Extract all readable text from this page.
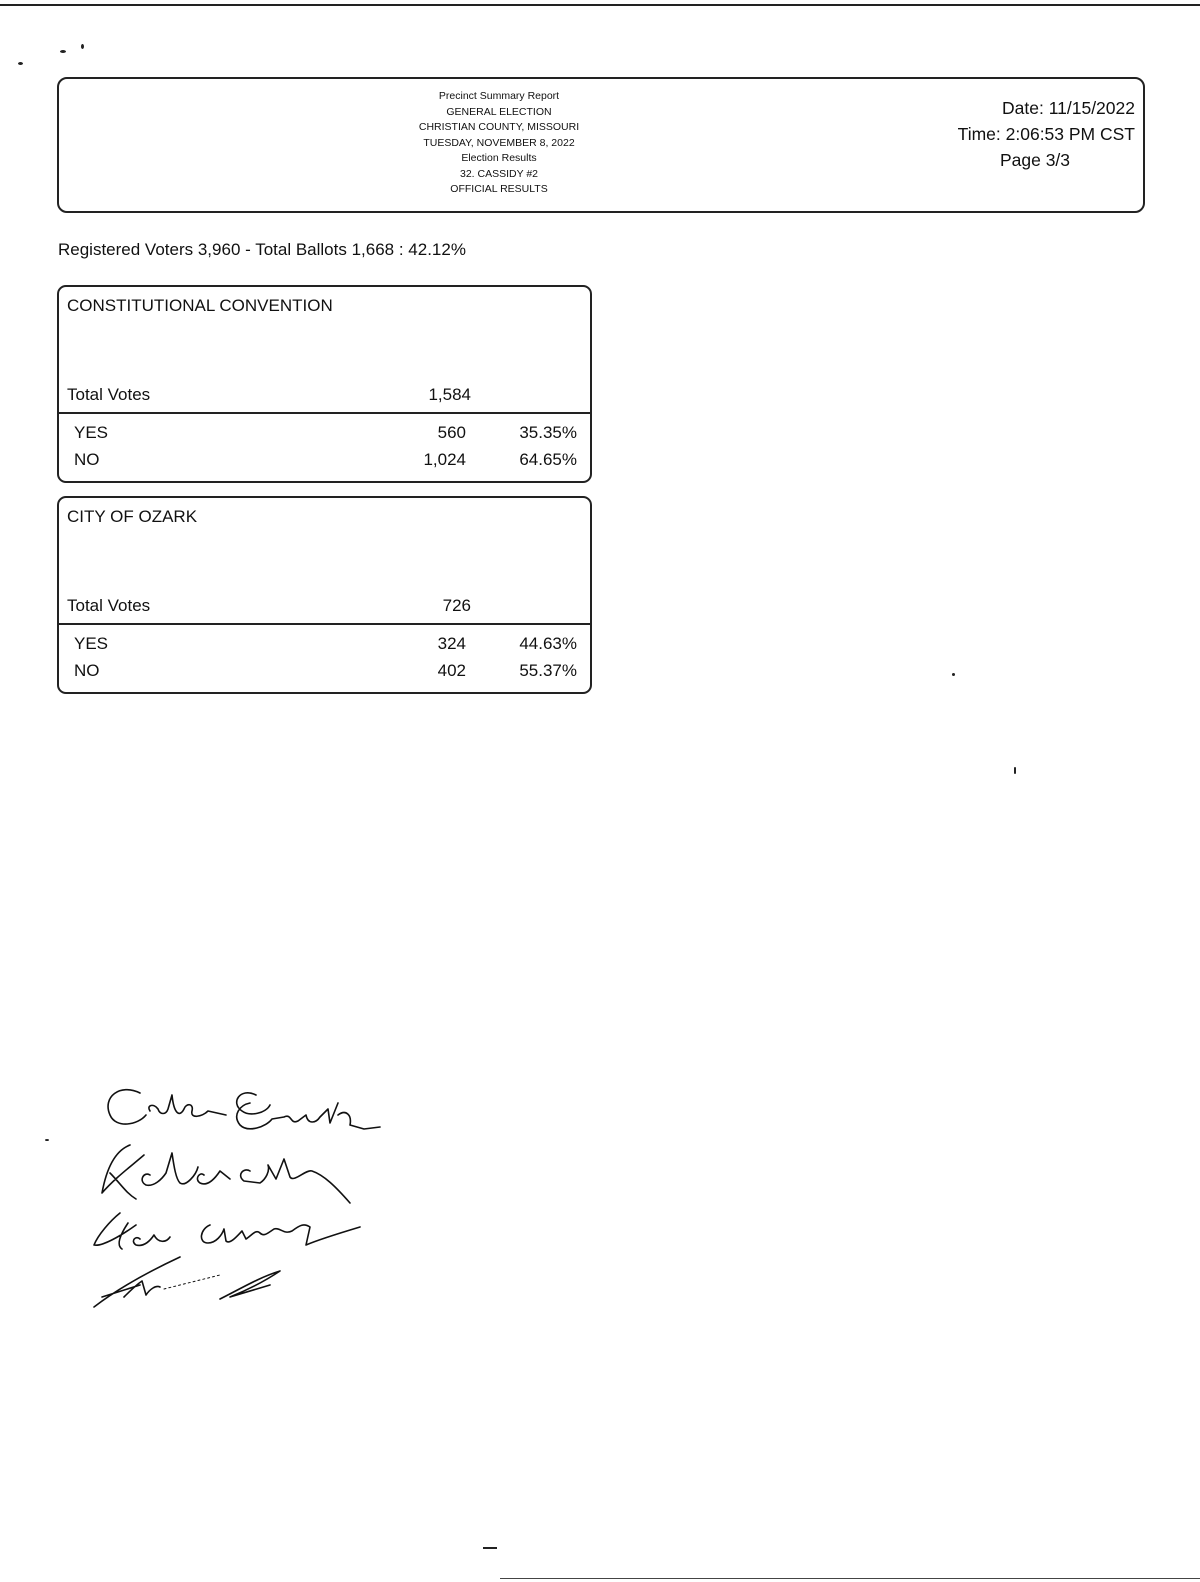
Precinct Summary Report
GENERAL ELECTION
CHRISTIAN COUNTY, MISSOURI
TUESDAY, NOVEMBER 8, 2022
Election Results
32. CASSIDY #2
OFFICIAL RESULTS
Date: 11/15/2022
Time: 2:06:53 PM CST
Page 3/3
Registered Voters 3,960 - Total Ballots 1,668 : 42.12%
CONSTITUTIONAL CONVENTION
Total Votes	1,584
YES	560	35.35%
NO	1,024	64.65%
CITY OF OZARK
Total Votes	726
YES	324	44.63%
NO	402	55.37%
